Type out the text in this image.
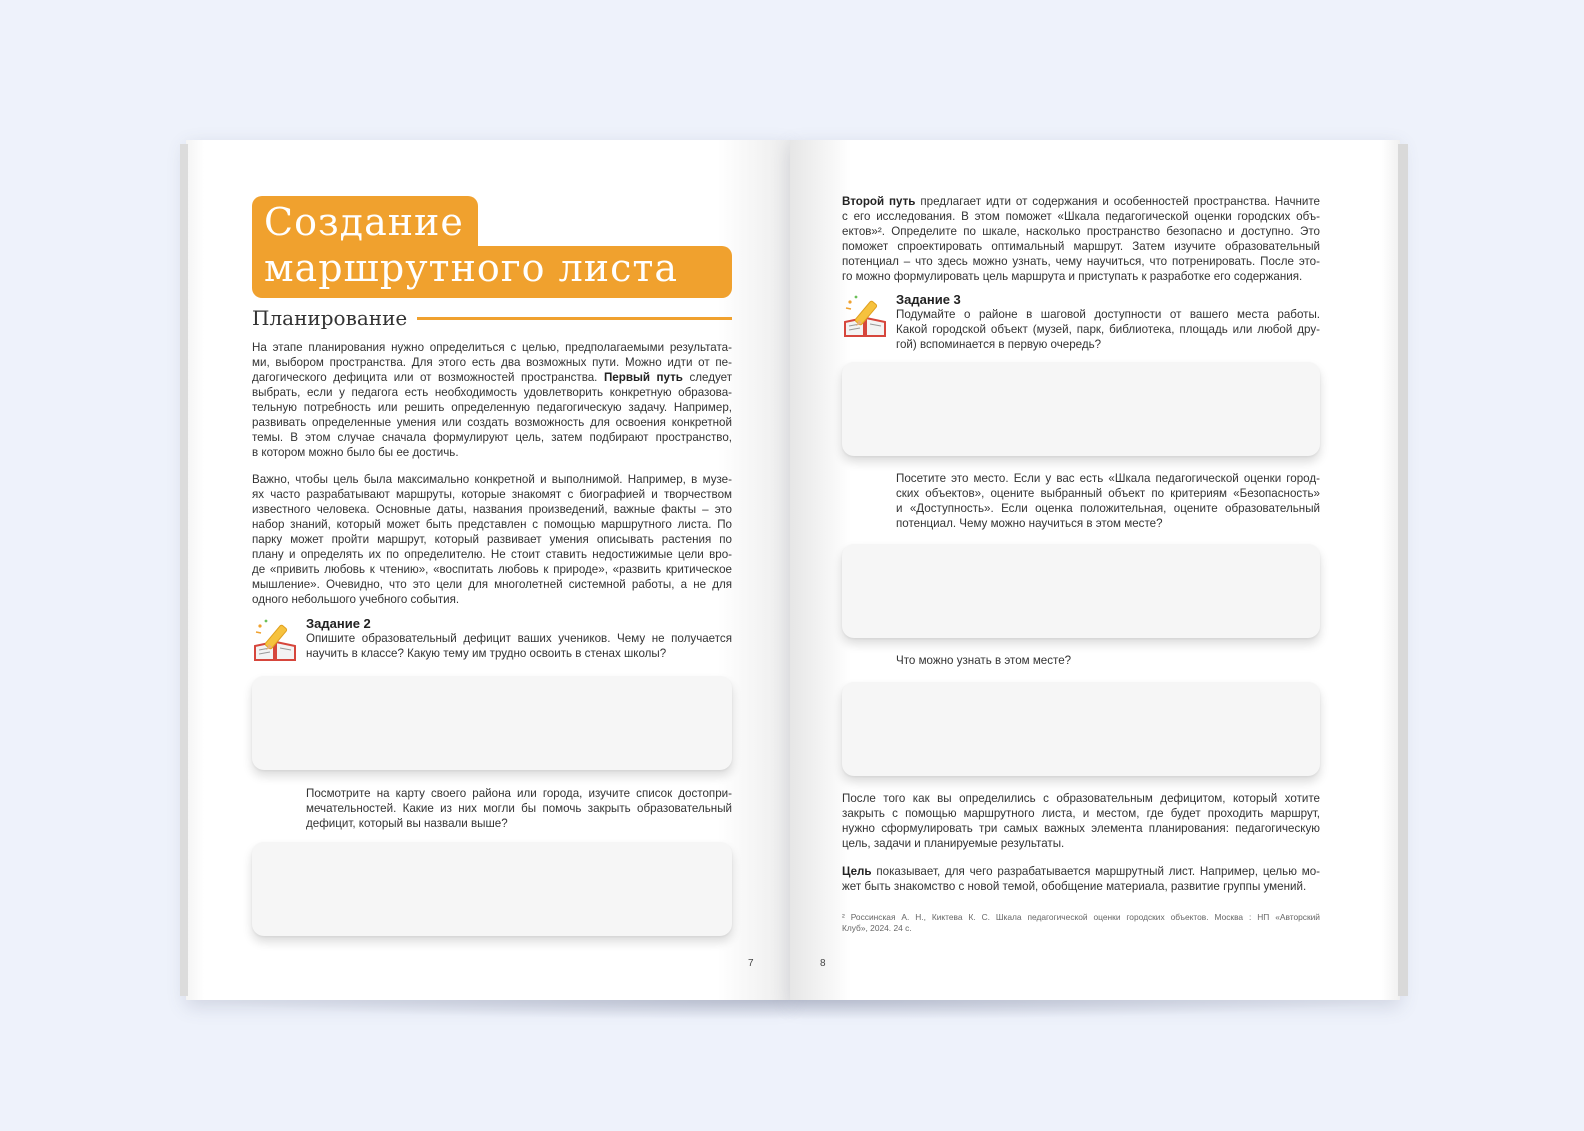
Создание
маршрутного листа
Планирование
На этапе планирования нужно определиться с целью, предполагаемыми результата-
ми, выбором пространства. Для этого есть два возможных пути. Можно идти от пе-
дагогического дефицита или от возможностей пространства. Первый путь следует
выбрать, если у педагога есть необходимость удовлетворить конкретную образова-
тельную потребность или решить определенную педагогическую задачу. Например,
развивать определенные умения или создать возможность для освоения конкретной
темы. В этом случае сначала формулируют цель, затем подбирают пространство,
в котором можно было бы ее достичь.
Важно, чтобы цель была максимально конкретной и выполнимой. Например, в музе-
ях часто разрабатывают маршруты, которые знакомят с биографией и творчеством
известного человека. Основные даты, названия произведений, важные факты – это
набор знаний, который может быть представлен с помощью маршрутного листа. По
парку может пройти маршрут, который развивает умения описывать растения по
плану и определять их по определителю. Не стоит ставить недостижимые цели вро-
де «привить любовь к чтению», «воспитать любовь к природе», «развить критическое
мышление». Очевидно, что это цели для многолетней системной работы, а не для
одного небольшого учебного события.
Задание 2
Опишите образовательный дефицит ваших учеников. Чему не получается
научить в классе? Какую тему им трудно освоить в стенах школы?
Посмотрите на карту своего района или города, изучите список достопри-
мечательностей. Какие из них могли бы помочь закрыть образовательный
дефицит, который вы назвали выше?
7
Второй путь предлагает идти от содержания и особенностей пространства. Начните
с его исследования. В этом поможет «Шкала педагогической оценки городских объ-
ектов»². Определите по шкале, насколько пространство безопасно и доступно. Это
поможет спроектировать оптимальный маршрут. Затем изучите образовательный
потенциал – что здесь можно узнать, чему научиться, что потренировать. После это-
го можно формулировать цель маршрута и приступать к разработке его содержания.
Задание 3
Подумайте о районе в шаговой доступности от вашего места работы.
Какой городской объект (музей, парк, библиотека, площадь или любой дру-
гой) вспоминается в первую очередь?
Посетите это место. Если у вас есть «Шкала педагогической оценки город-
ских объектов», оцените выбранный объект по критериям «Безопасность»
и «Доступность». Если оценка положительная, оцените образовательный
потенциал. Чему можно научиться в этом месте?
Что можно узнать в этом месте?
После того как вы определились с образовательным дефицитом, который хотите
закрыть с помощью маршрутного листа, и местом, где будет проходить маршрут,
нужно сформулировать три самых важных элемента планирования: педагогическую
цель, задачи и планируемые результаты.
Цель показывает, для чего разрабатывается маршрутный лист. Например, целью мо-
жет быть знакомство с новой темой, обобщение материала, развитие группы умений.
² Россинская А. Н., Киктева К. С. Шкала педагогической оценки городских объектов. Москва : НП «Авторский
Клуб», 2024. 24 с.
8
